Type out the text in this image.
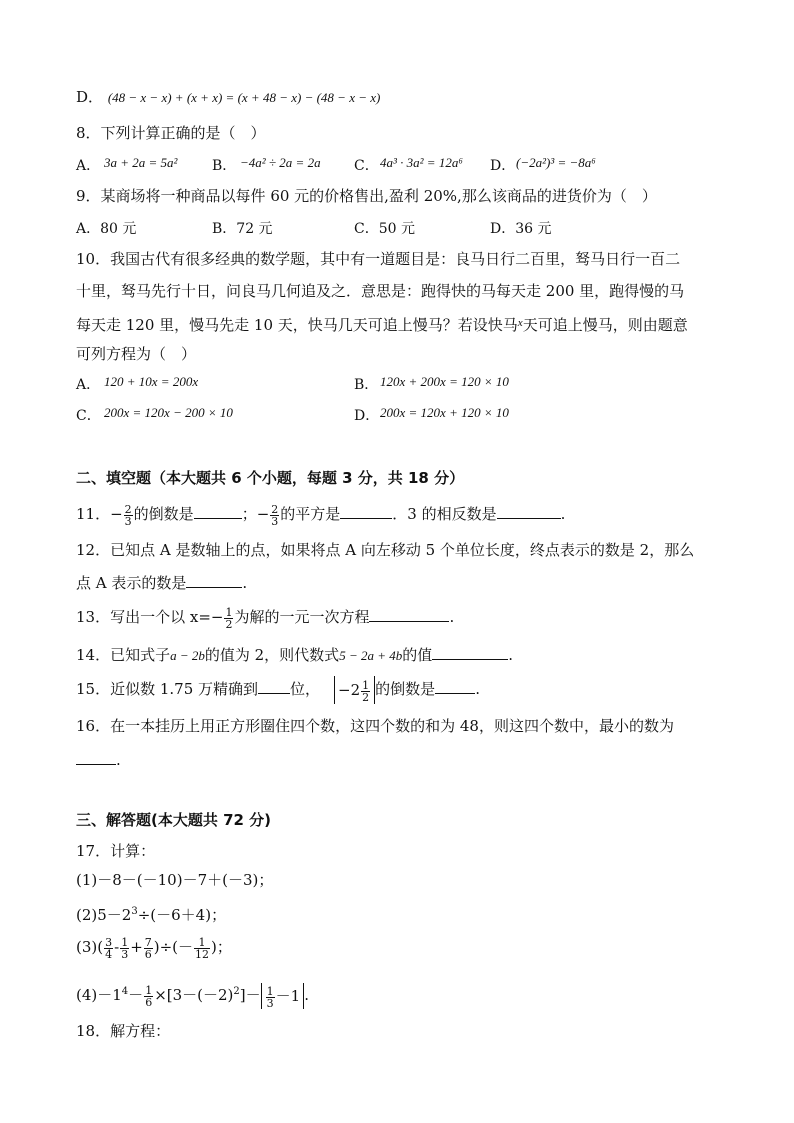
D． (48 − x − x) + (x + x) = (x + 48 − x) − (48 − x − x)
8．下列计算正确的是（　）
A． 3a + 2a = 5a² B． −4a² ÷ 2a = 2a C． 4a³ · 3a² = 12a⁶ D． (−2a²)³ = −8a⁶
9．某商场将一种商品以每件 60 元的价格售出,盈利 20%,那么该商品的进货价为（　）
A．80 元	B．72 元	C．50 元	D．36 元
10．我国古代有很多经典的数学题，其中有一道题目是：良马日行二百里，驽马日行一百二
十里，驽马先行十日，问良马几何追及之．意思是：跑得快的马每天走 200 里，跑得慢的马
每天走 120 里，慢马先走 10 天，快马几天可追上慢马？若设快马$^x$天可追上慢马，则由题意
可列方程为（　）
A． 120 + 10x = 200x	B． 120x + 200x = 120 × 10
C． 200x = 120x − 200 × 10	D． 200x = 120x + 120 × 10
二、填空题（本大题共 6 个小题，每题 3 分，共 18 分）
11．− $\frac{2}{3}$ 的倒数是	；− $\frac{2}{3}$ 的平方是	．3 的相反数是	.
12．已知点 A 是数轴上的点，如果将点 A 向左移动 5 个单位长度，终点表示的数是 2，那么
点 A 表示的数是	.
13．写出一个以 $x=- \frac{1}{2}$ 为解的一元一次方程	.
14．已知式子a − 2b的值为 2，则代数式5 − 2a + 4b的值	.
15．近似数 1.75 万精确到 位， $-2 \frac{1}{2}$ 的倒数是	.
16．在一本挂历上用正方形圈住四个数，这四个数的和为 48，则这四个数中，最小的数为
.
三、解答题(本大题共 72 分)
17．计算：
(1)－8－(－10)－7＋(－3)；
$(2)5-2^3\div(-6+4)$；
$(3)( \frac{3}{4} - \frac{1}{3} + \frac{7}{6}$ )÷(－ $\frac{1}{12}$ )；
$(4)-1^4- \frac{1}{6} \times[3-(-2)^2]- \frac{1}{3} -1$ .
18．解方程：
